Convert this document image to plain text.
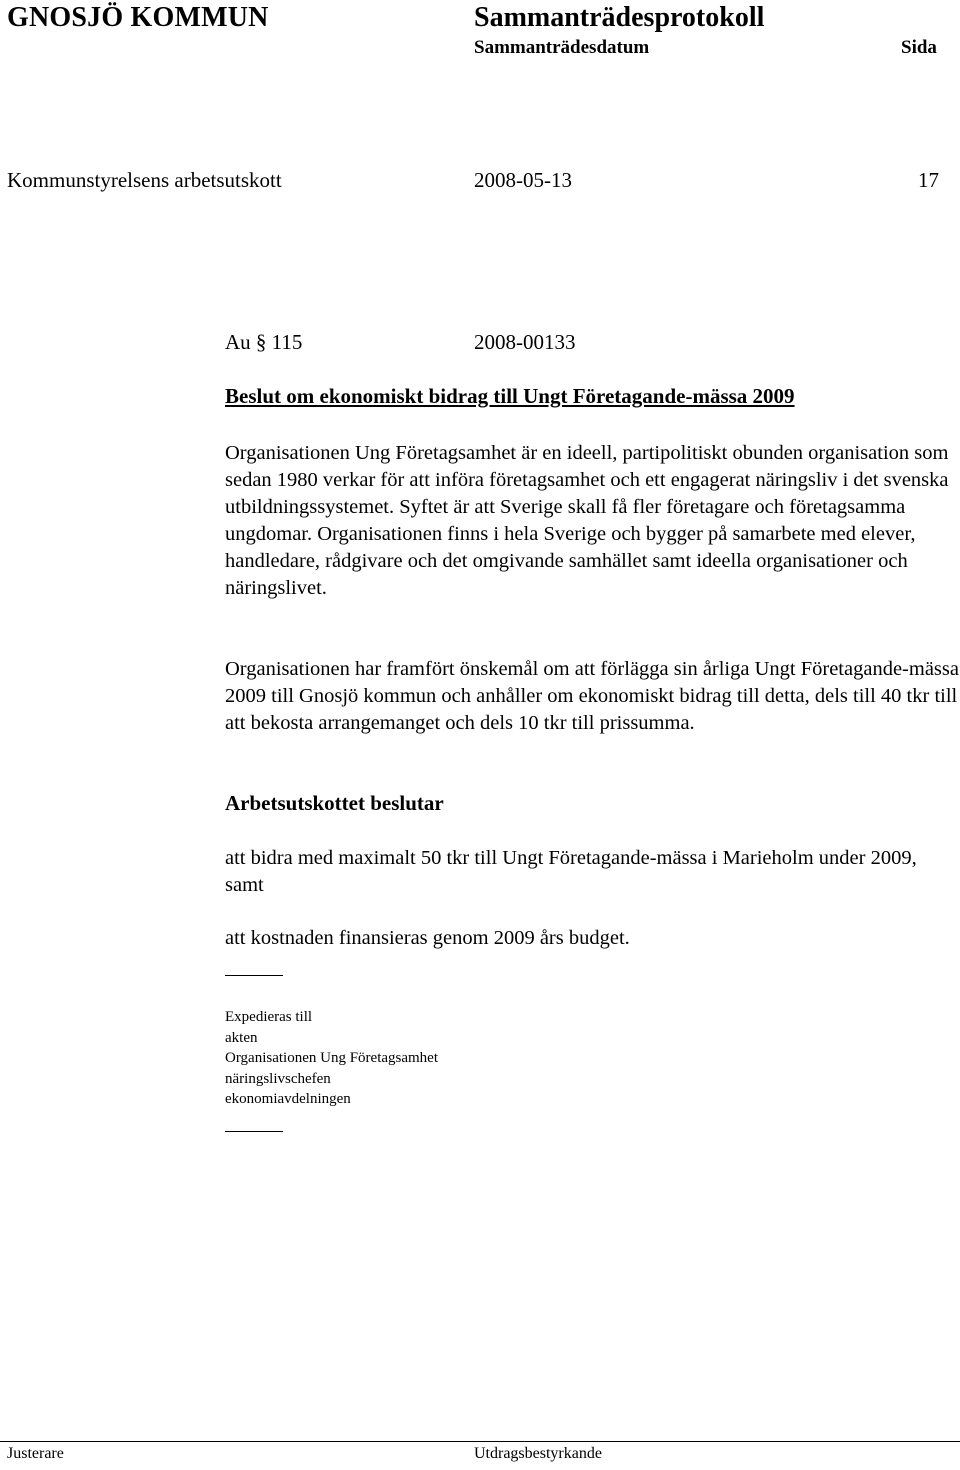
GNOSJÖ KOMMUN	Sammanträdesprotokoll
Sammanträdesdatum	Sida
Kommunstyrelsens arbetsutskott	2008-05-13	17
Au § 115	2008-00133
Beslut om ekonomiskt bidrag till Ungt Företagande-mässa 2009

Organisationen Ung Företagsamhet är en ideell, partipolitiskt obunden organisation som sedan 1980 verkar för att införa företagsamhet och ett engagerat näringsliv i det svenska utbildningssystemet. Syftet är att Sverige skall få fler företagare och företagsamma ungdomar. Organisationen finns i hela Sverige och bygger på samarbete med elever, handledare, rådgivare och det omgivande samhället samt ideella organisationer och näringslivet.

Organisationen har framfört önskemål om att förlägga sin årliga Ungt Företagande-mässa 2009 till Gnosjö kommun och anhåller om ekonomiskt bidrag till detta, dels till 40 tkr till att bekosta arrangemanget och dels 10 tkr till prissumma.

Arbetsutskottet beslutar

att bidra med maximalt 50 tkr till Ungt Företagande-mässa i Marieholm under 2009, samt

att kostnaden finansieras genom 2009 års budget.
Expedieras till
akten
Organisationen Ung Företagsamhet
näringslivschefen
ekonomiavdelningen
Justerare	Utdragsbestyrkande
